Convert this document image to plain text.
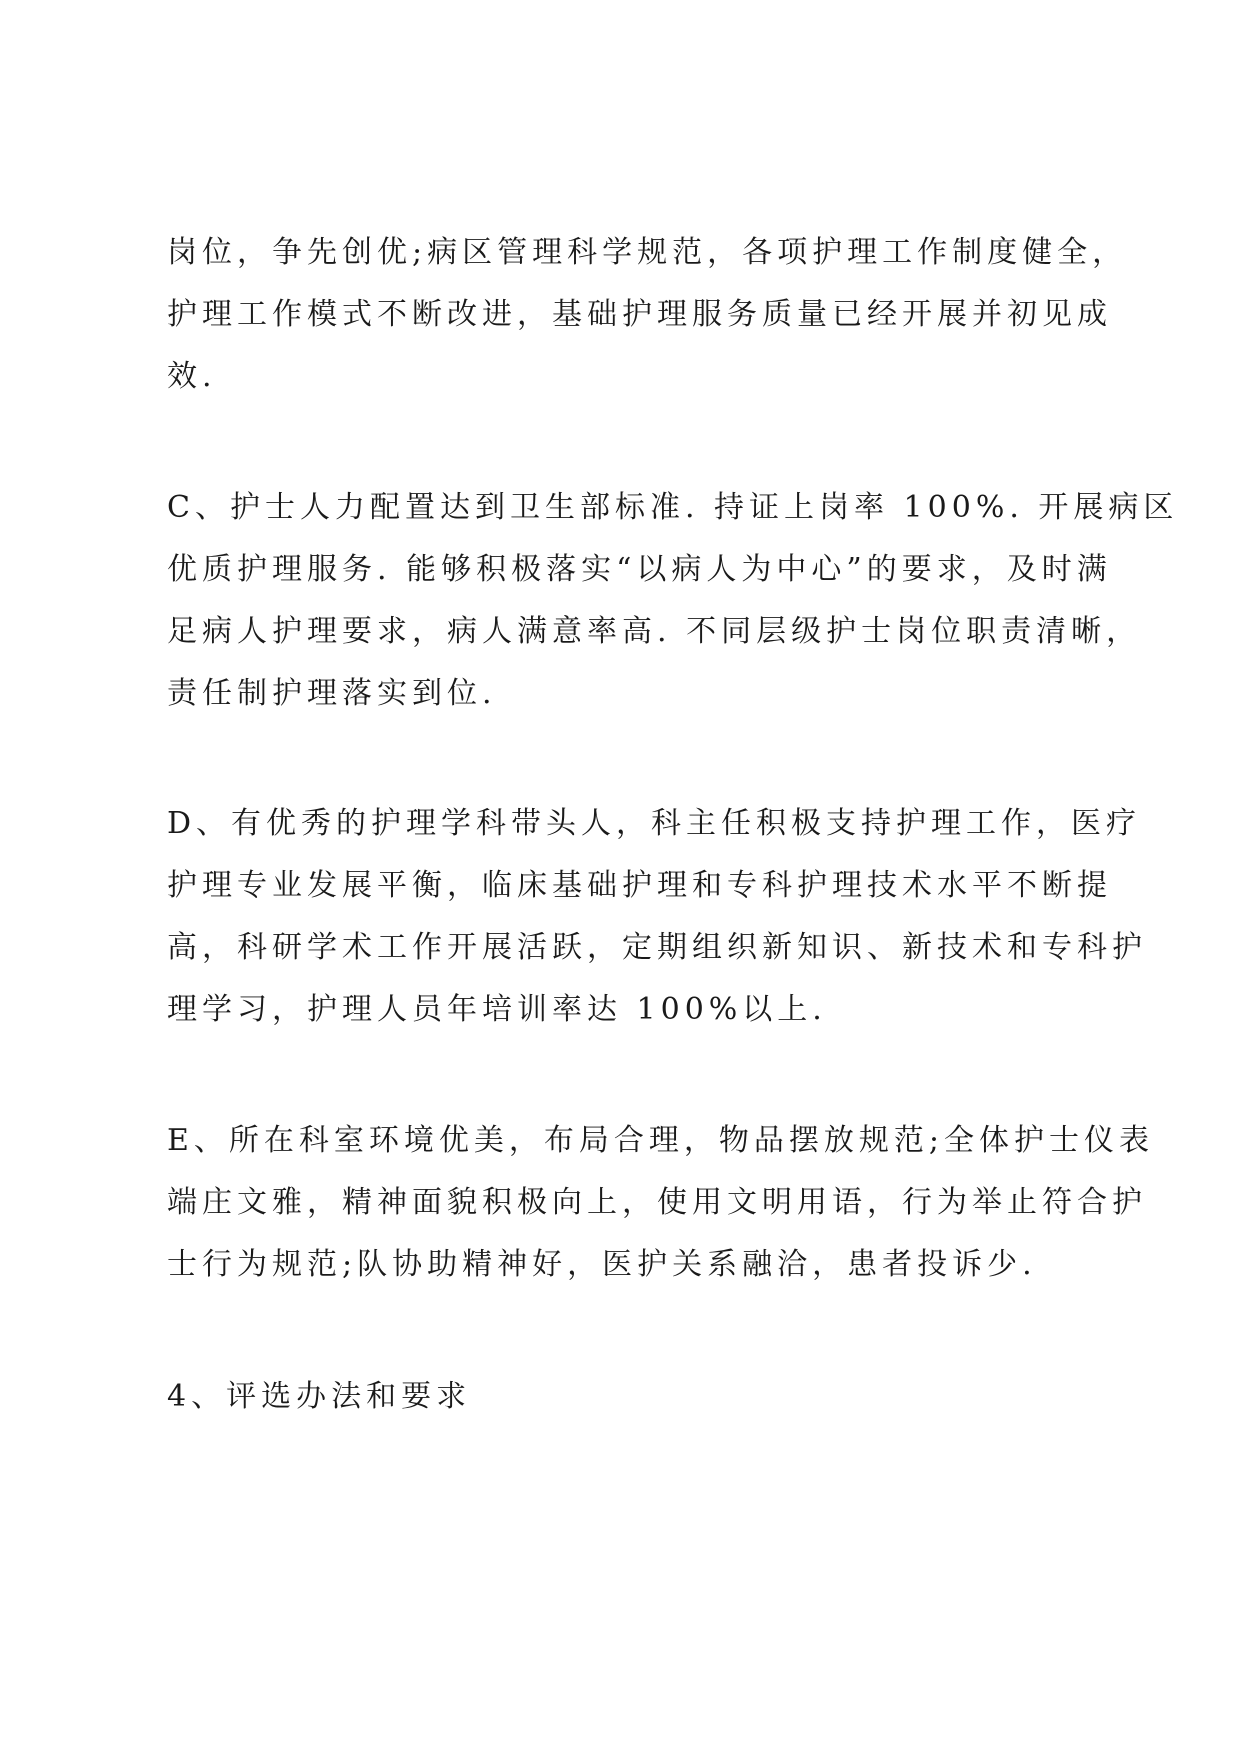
岗位，争先创优;病区管理科学规范，各项护理工作制度健全，
护理工作模式不断改进，基础护理服务质量已经开展并初见成
效.
C、护士人力配置达到卫生部标准. 持证上岗率 100%. 开展病区
优质护理服务. 能够积极落实“以病人为中心”的要求，及时满
足病人护理要求，病人满意率高. 不同层级护士岗位职责清晰，
责任制护理落实到位.
D、有优秀的护理学科带头人，科主任积极支持护理工作，医疗
护理专业发展平衡，临床基础护理和专科护理技术水平不断提
高，科研学术工作开展活跃，定期组织新知识、新技术和专科护
理学习，护理人员年培训率达 100%以上.
E、所在科室环境优美，布局合理，物品摆放规范;全体护士仪表
端庄文雅，精神面貌积极向上，使用文明用语，行为举止符合护
士行为规范;队协助精神好，医护关系融洽，患者投诉少.
4、评选办法和要求
